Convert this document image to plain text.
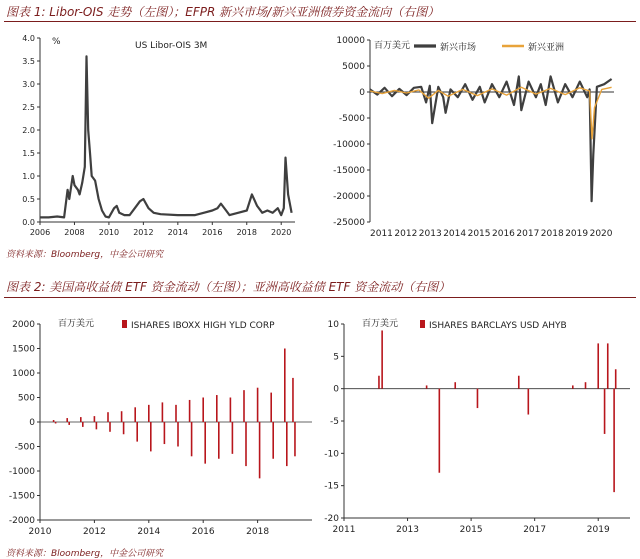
图表 1: Libor-OIS 走势（左图）；EFPR 新兴市场/新兴亚洲债券资金流向（右图）
%	US Libor-OIS 3M
0.0
0.5
1.0
1.5
2.0
2.5
3.0
3.5
4.0
2006 2008 2010 2012 2014 2016 2018 2020
百万美元
10000
5000
0
-5000
-10000
-15000
-20000
-25000
2011 2012 2013 2014 2015 2016 2017 2018 2019 2020
新兴市场	新兴亚洲
资料来源：Bloomberg，中金公司研究
图表 2: 美国高收益债 ETF 资金流动（左图）；亚洲高收益债 ETF 资金流动（右图）
百万美元
2000
1500
1000
500
0
-500
-1000
-1500
-2000
2010	2012	2014	2016	2018
ISHARES IBOXX HIGH YLD CORP	百万美元
10
5
0
-5
-10
-15
-20
2011	2013	2015	2017	2019
ISHARES BARCLAYS USD AHYB
资料来源：Bloomberg，中金公司研究
